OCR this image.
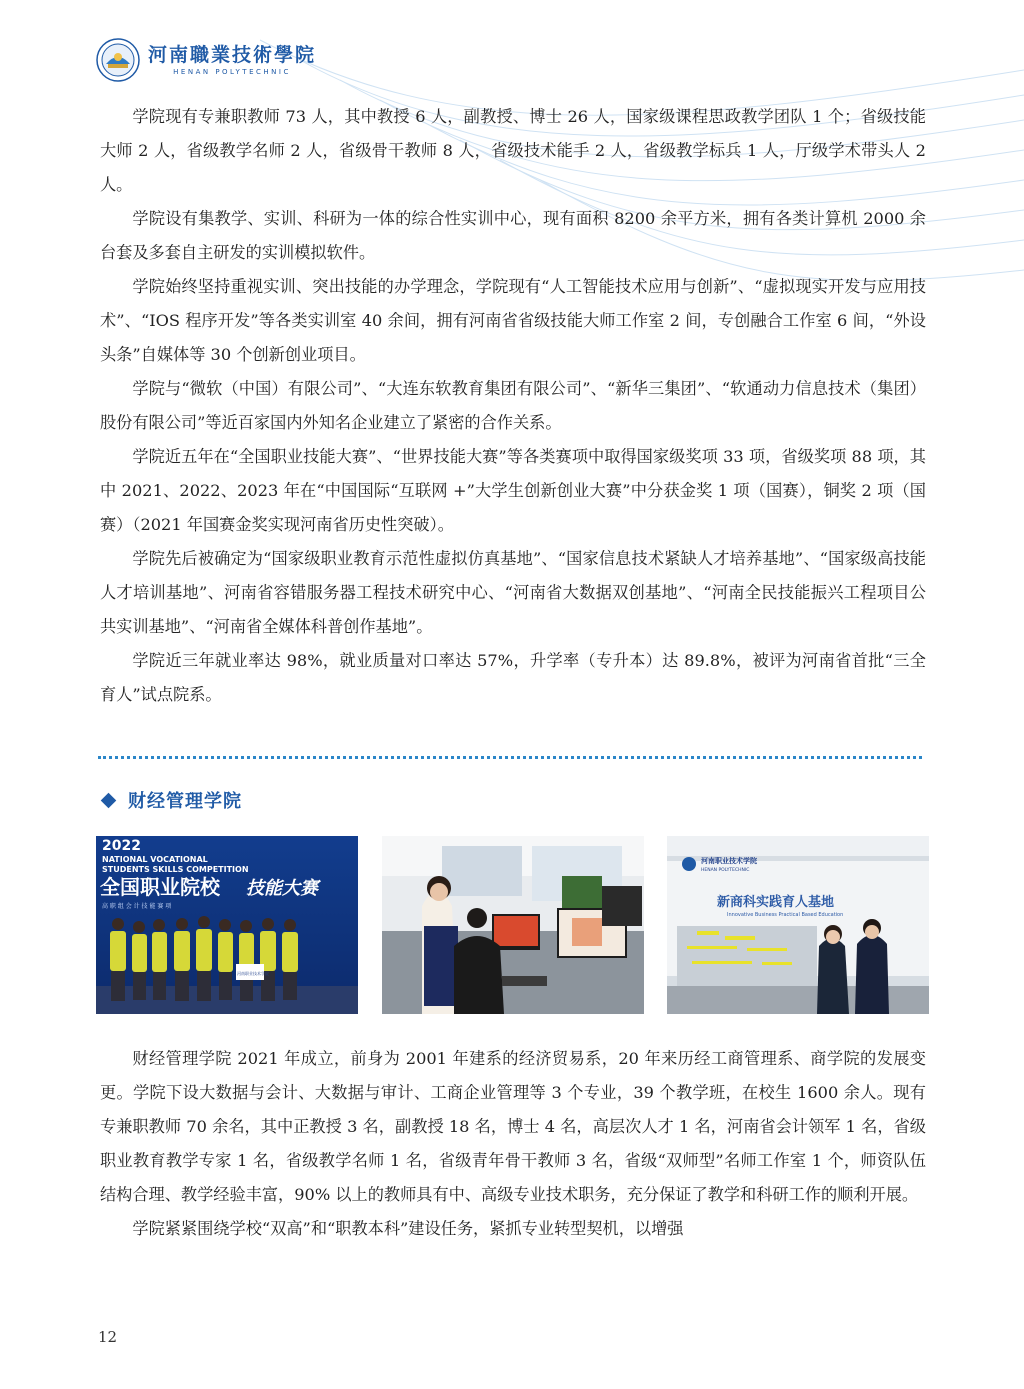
河南職業技術學院
HENAN POLYTECHNIC

学院现有专兼职教师 73 人，其中教授 6 人，副教授、博士 26 人，国家级课程思政教学团队 1 个；省级技能大师 2 人，省级教学名师 2 人，省级骨干教师 8 人，省级技术能手 2 人，省级教学标兵 1 人，厅级学术带头人 2 人。

学院设有集教学、实训、科研为一体的综合性实训中心，现有面积 8200 余平方米，拥有各类计算机 2000 余台套及多套自主研发的实训模拟软件。

学院始终坚持重视实训、突出技能的办学理念，学院现有“人工智能技术应用与创新”、“虚拟现实开发与应用技术”、“IOS 程序开发”等各类实训室 40 余间，拥有河南省省级技能大师工作室 2 间，专创融合工作室 6 间，“外设头条”自媒体等 30 个创新创业项目。

学院与“微软（中国）有限公司”、“大连东软教育集团有限公司”、“新华三集团”、“软通动力信息技术（集团）股份有限公司”等近百家国内外知名企业建立了紧密的合作关系。

学院近五年在“全国职业技能大赛”、“世界技能大赛”等各类赛项中取得国家级奖项 33 项，省级奖项 88 项，其中 2021、2022、2023 年在“中国国际“互联网 +”大学生创新创业大赛”中分获金奖 1 项（国赛），铜奖 2 项（国赛）（2021 年国赛金奖实现河南省历史性突破）。

学院先后被确定为“国家级职业教育示范性虚拟仿真基地”、“国家信息技术紧缺人才培养基地”、“国家级高技能人才培训基地”、河南省容错服务器工程技术研究中心、“河南省大数据双创基地”、“河南全民技能振兴工程项目公共实训基地”、“河南省全媒体科普创作基地”。

学院近三年就业率达 98%，就业质量对口率达 57%，升学率（专升本）达 89.8%，被评为河南省首批“三全育人”试点院系。

财经管理学院
2022
NATIONAL VOCATIONAL
STUDENTS SKILLS COMPETITION
全国职业院校 技能大赛
高 职 组 会 计 技 能 赛 项
河南职业技术学院
河南职业技术学院
HENAN POLYTECHNIC
新商科实践育人基地
Innovative Business Practical Based Education

财经管理学院 2021 年成立，前身为 2001 年建系的经济贸易系，20 年来历经工商管理系、商学院的发展变更。学院下设大数据与会计、大数据与审计、工商企业管理等 3 个专业，39 个教学班，在校生 1600 余人。现有专兼职教师 70 余名，其中正教授 3 名，副教授 18 名，博士 4 名，高层次人才 1 名，河南省会计领军 1 名，省级职业教育教学专家 1 名，省级教学名师 1 名，省级青年骨干教师 3 名，省级“双师型”名师工作室 1 个，师资队伍结构合理、教学经验丰富，90% 以上的教师具有中、高级专业技术职务，充分保证了教学和科研工作的顺利开展。

学院紧紧围绕学校“双高”和“职教本科”建设任务，紧抓专业转型契机，以增强

12
